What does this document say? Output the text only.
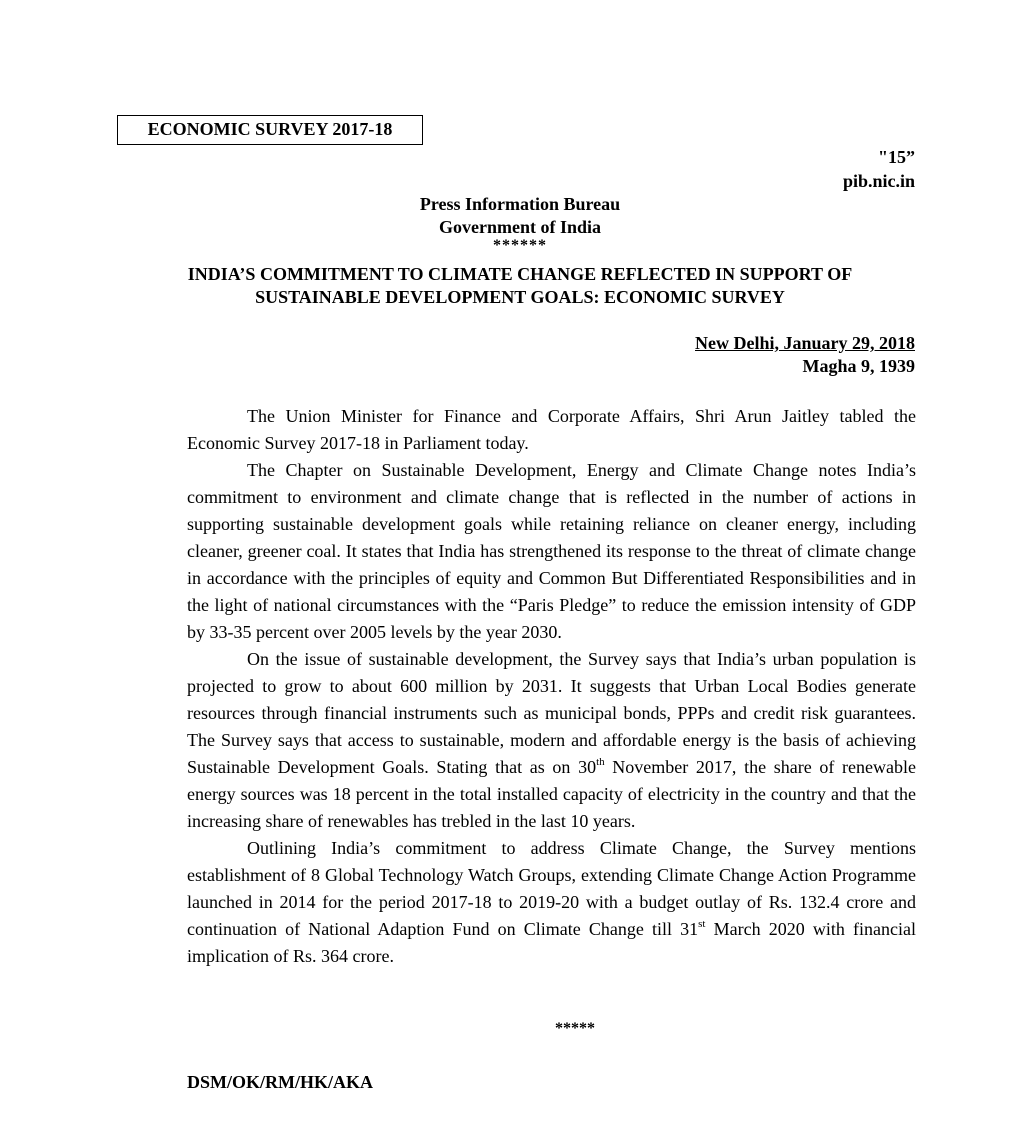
ECONOMIC SURVEY 2017-18
"15”
pib.nic.in
Press Information Bureau
Government of India
******
INDIA’S COMMITMENT TO CLIMATE CHANGE REFLECTED IN SUPPORT OF
SUSTAINABLE DEVELOPMENT GOALS: ECONOMIC SURVEY
New Delhi, January 29, 2018
Magha 9, 1939

The Union Minister for Finance and Corporate Affairs, Shri Arun Jaitley tabled the Economic Survey 2017-18 in Parliament today.

The Chapter on Sustainable Development, Energy and Climate Change notes India’s commitment to environment and climate change that is reflected in the number of actions in supporting sustainable development goals while retaining reliance on cleaner energy, including cleaner, greener coal. It states that India has strengthened its response to the threat of climate change in accordance with the principles of equity and Common But Differentiated Responsibilities and in the light of national circumstances with the “Paris Pledge” to reduce the emission intensity of GDP by 33-35 percent over 2005 levels by the year 2030.

On the issue of sustainable development, the Survey says that India’s urban population is projected to grow to about 600 million by 2031. It suggests that Urban Local Bodies generate resources through financial instruments such as municipal bonds, PPPs and credit risk guarantees. The Survey says that access to sustainable, modern and affordable energy is the basis of achieving Sustainable Development Goals. Stating that as on 30th November 2017, the share of renewable energy sources was 18 percent in the total installed capacity of electricity in the country and that the increasing share of renewables has trebled in the last 10 years.

Outlining India’s commitment to address Climate Change, the Survey mentions establishment of 8 Global Technology Watch Groups, extending Climate Change Action Programme launched in 2014 for the period 2017-18 to 2019-20 with a budget outlay of Rs. 132.4 crore and continuation of National Adaption Fund on Climate Change till 31st March 2020 with financial implication of Rs. 364 crore.

*****
DSM/OK/RM/HK/AKA
